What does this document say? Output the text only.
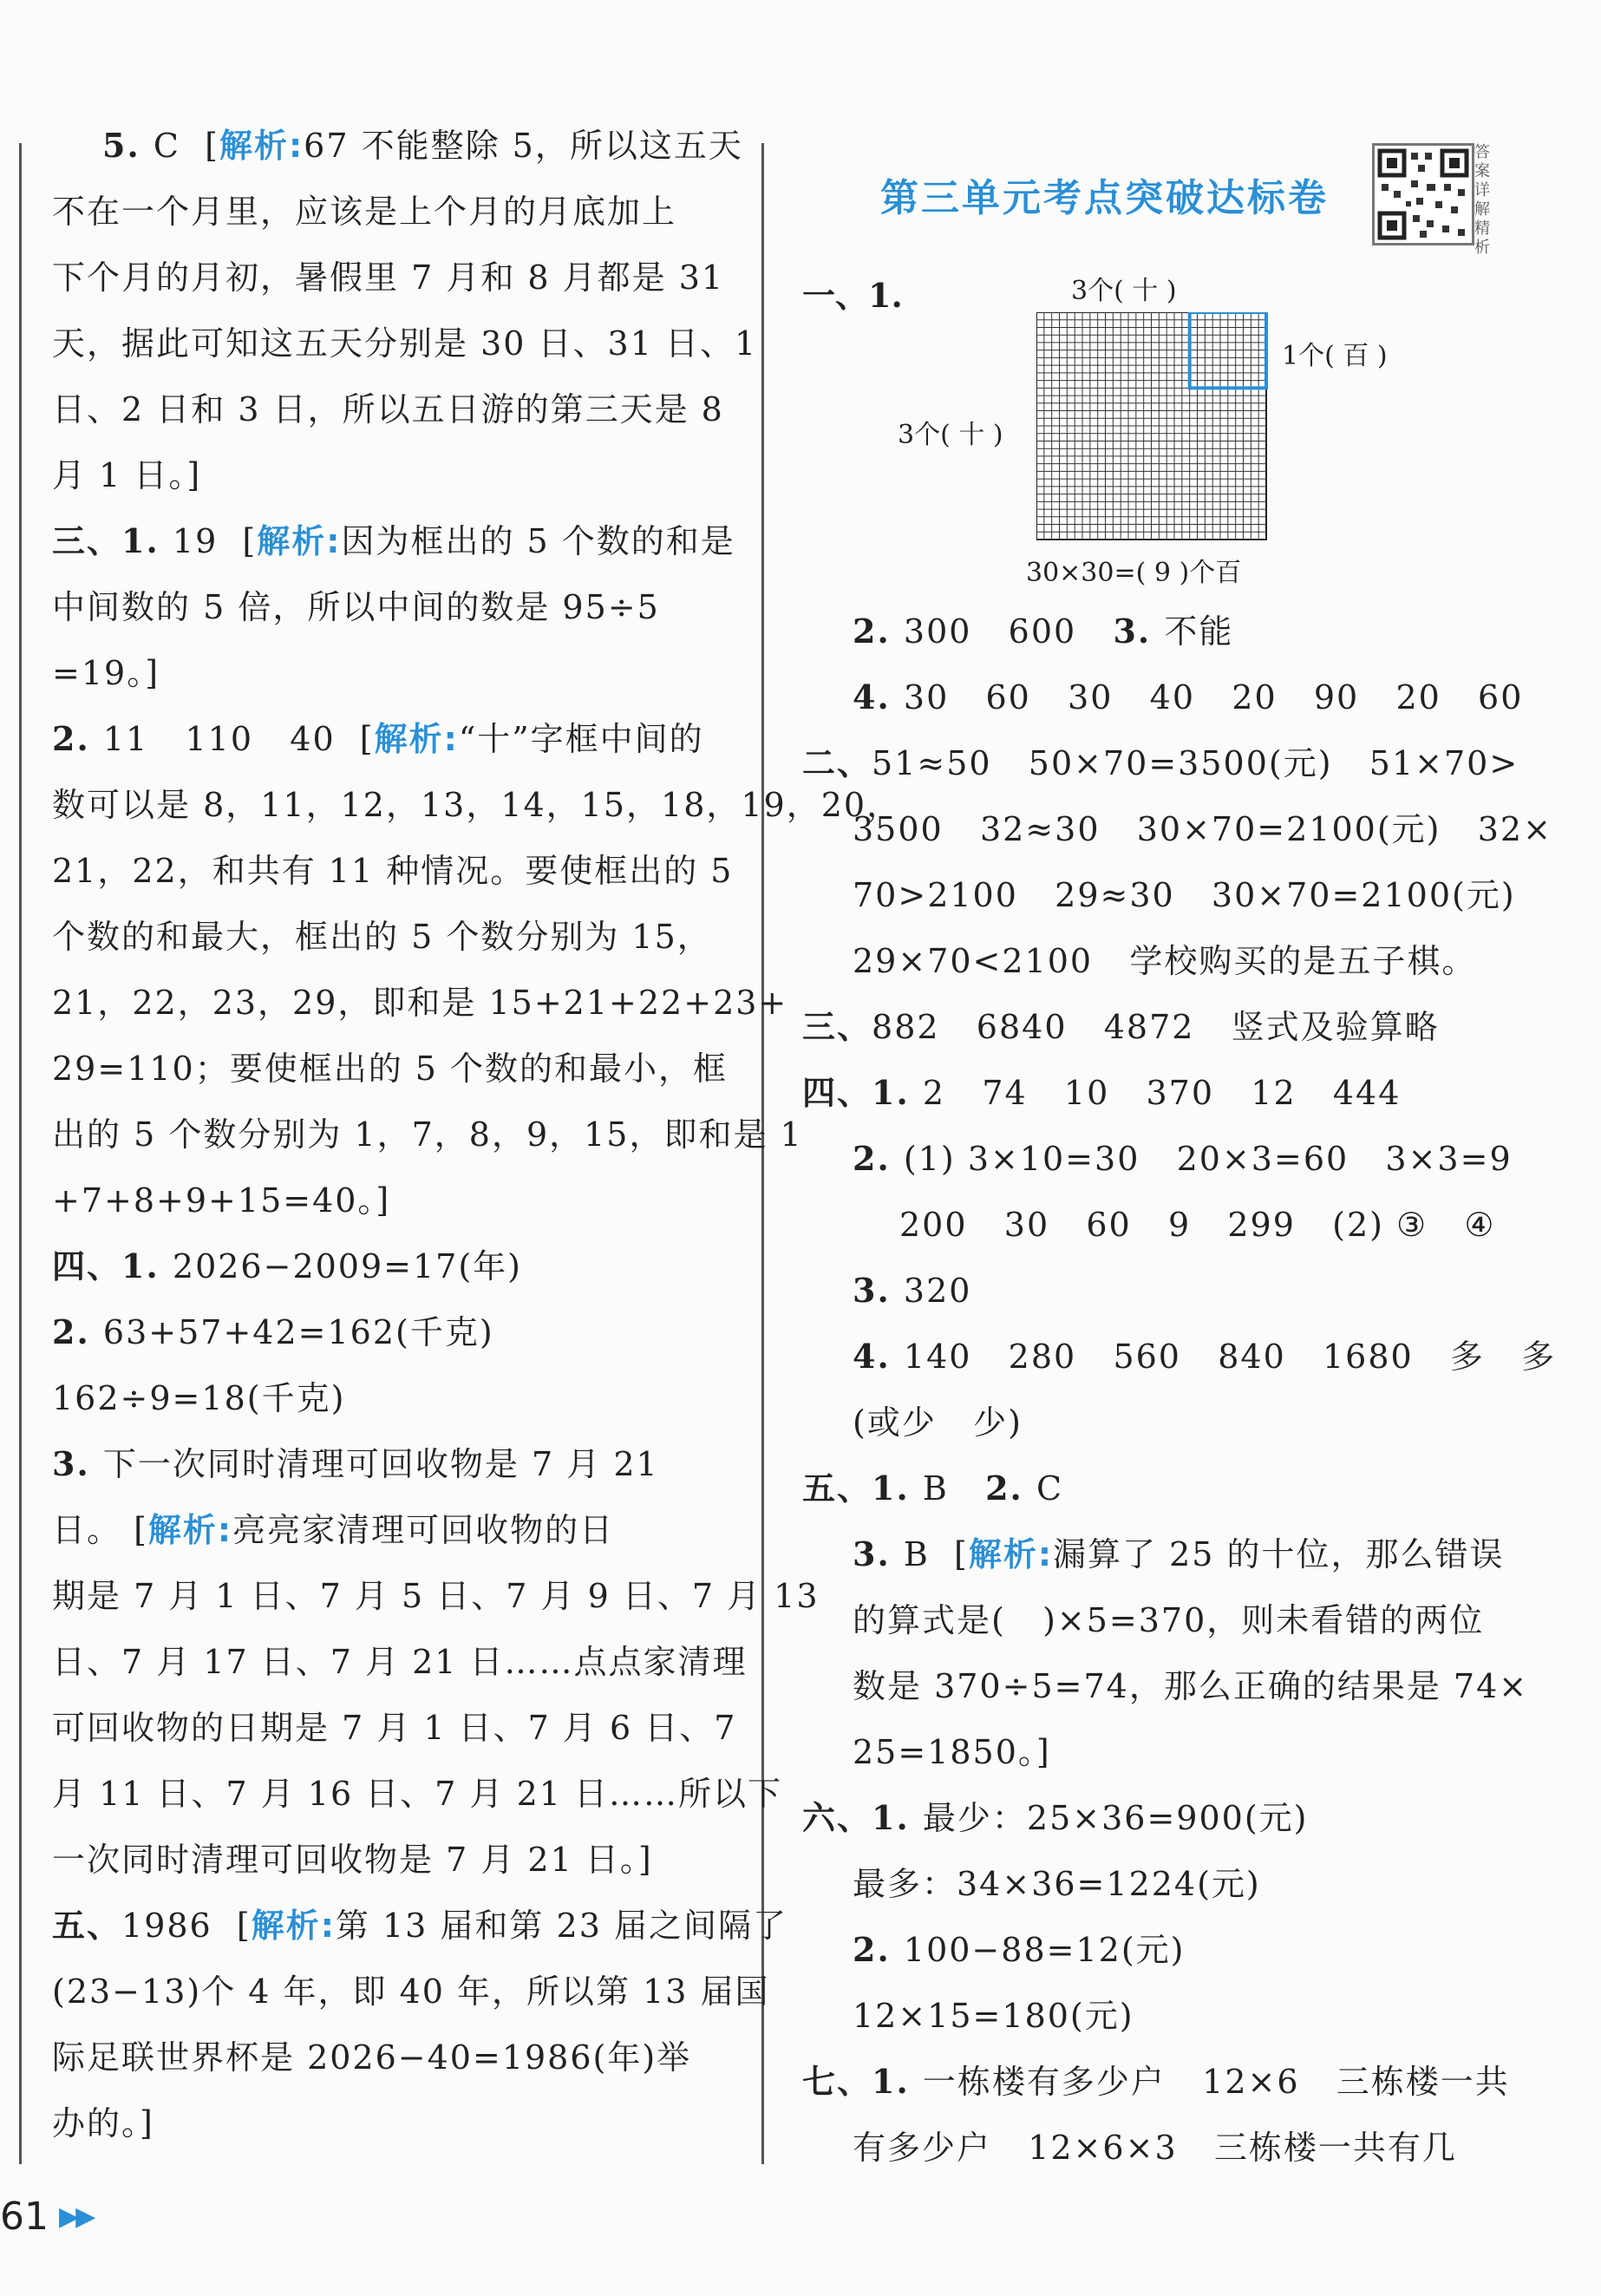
5. C  [解析:67 不能整除 5，所以这五天
不在一个月里，应该是上个月的月底加上
下个月的月初，暑假里 7 月和 8 月都是 31
天，据此可知这五天分别是 30 日、31 日、1
日、2 日和 3 日，所以五日游的第三天是 8
月 1 日。]
三、1. 19  [解析:因为框出的 5 个数的和是
中间数的 5 倍，所以中间的数是 95÷5
=19。]
2. 11   110   40  [解析:“十”字框中间的
数可以是 8，11，12，13，14，15，18，19，20，
21，22，和共有 11 种情况。要使框出的 5
个数的和最大，框出的 5 个数分别为 15，
21，22，23，29，即和是 15+21+22+23+
29=110；要使框出的 5 个数的和最小，框
出的 5 个数分别为 1，7，8，9，15，即和是 1
+7+8+9+15=40。]
四、1. 2026−2009=17(年)
2. 63+57+42=162(千克)
162÷9=18(千克)
3. 下一次同时清理可回收物是 7 月 21
日。 [解析:亮亮家清理可回收物的日
期是 7 月 1 日、7 月 5 日、7 月 9 日、7 月 13
日、7 月 17 日、7 月 21 日……点点家清理
可回收物的日期是 7 月 1 日、7 月 6 日、7
月 11 日、7 月 16 日、7 月 21 日……所以下
一次同时清理可回收物是 7 月 21 日。]
五、1986  [解析:第 13 届和第 23 届之间隔了
(23−13)个 4 年，即 40 年，所以第 13 届国
际足联世界杯是 2026−40=1986(年)举
办的。]
第三单元考点突破达标卷
答案详解精析
一、1.	3个( 十 )
3个( 十 )
1个( 百 )
30×30=( 9 )个百
2. 300   600   3. 不能
4. 30   60   30   40   20   90   20   60
二、51≈50   50×70=3500(元)   51×70>
3500   32≈30   30×70=2100(元)   32×
70>2100   29≈30   30×70=2100(元)
29×70<2100   学校购买的是五子棋。
三、882   6840   4872   竖式及验算略
四、1. 2   74   10   370   12   444
2. (1) 3×10=30   20×3=60   3×3=9
200   30   60   9   299   (2) ③   ④
3. 320
4. 140   280   560   840   1680   多   多
(或少   少)
五、1. B   2. C
3. B  [解析:漏算了 25 的十位，那么错误
的算式是(   )×5=370，则未看错的两位
数是 370÷5=74，那么正确的结果是 74×
25=1850。]
六、1. 最少：25×36=900(元)
最多：34×36=1224(元)
2. 100−88=12(元)
12×15=180(元)
七、1. 一栋楼有多少户   12×6   三栋楼一共
有多少户   12×6×3   三栋楼一共有几
61 ▶▶
